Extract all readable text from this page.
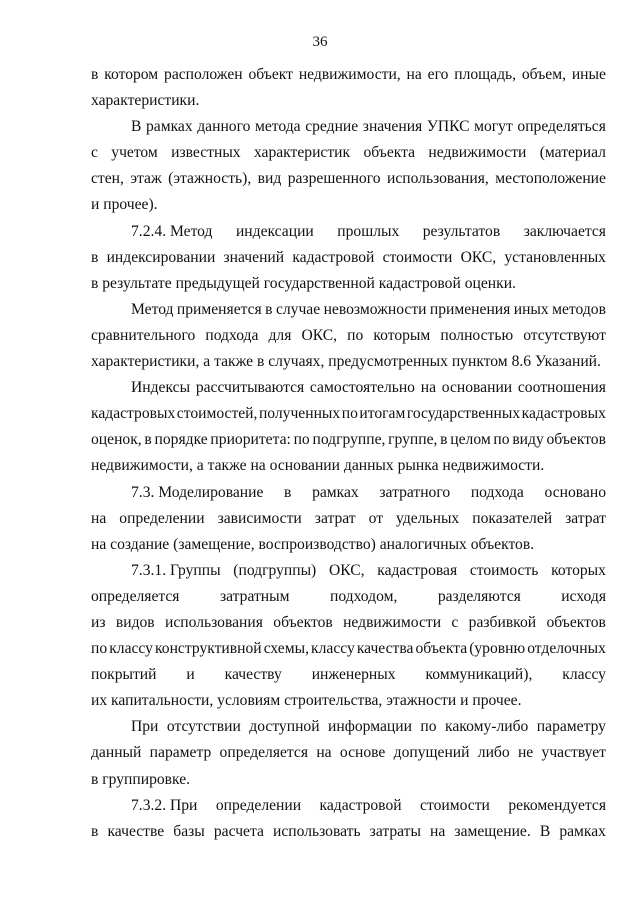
36
в котором расположен объект недвижимости, на его площадь, объем, иные
характеристики.
В рамках данного метода средние значения УПКС могут определяться
с учетом известных характеристик объекта недвижимости (материал
стен, этаж (этажность), вид разрешенного использования, местоположение
и прочее).
7.2.4. Метод индексации прошлых результатов заключается
в индексировании значений кадастровой стоимости ОКС, установленных
в результате предыдущей государственной кадастровой оценки.
Метод применяется в случае невозможности применения иных методов
сравнительного подхода для ОКС, по которым полностью отсутствуют
характеристики, а также в случаях, предусмотренных пунктом 8.6 Указаний.
Индексы рассчитываются самостоятельно на основании соотношения
кадастровых стоимостей, полученных по итогам государственных кадастровых
оценок, в порядке приоритета: по подгруппе, группе, в целом по виду объектов
недвижимости, а также на основании данных рынка недвижимости.
7.3. Моделирование в рамках затратного подхода основано
на определении зависимости затрат от удельных показателей затрат
на создание (замещение, воспроизводство) аналогичных объектов.
7.3.1. Группы (подгруппы) ОКС, кадастровая стоимость которых
определяется	затратным	подходом,	разделяются	исходя
из видов использования объектов недвижимости с разбивкой объектов
по классу конструктивной схемы, классу качества объекта (уровню отделочных
покрытий и качеству инженерных коммуникаций), классу
их капитальности, условиям строительства, этажности и прочее.
При отсутствии доступной информации по какому-либо параметру
данный параметр определяется на основе допущений либо не участвует
в группировке.
7.3.2. При определении кадастровой стоимости рекомендуется
в качестве базы расчета использовать затраты на замещение. В рамках
